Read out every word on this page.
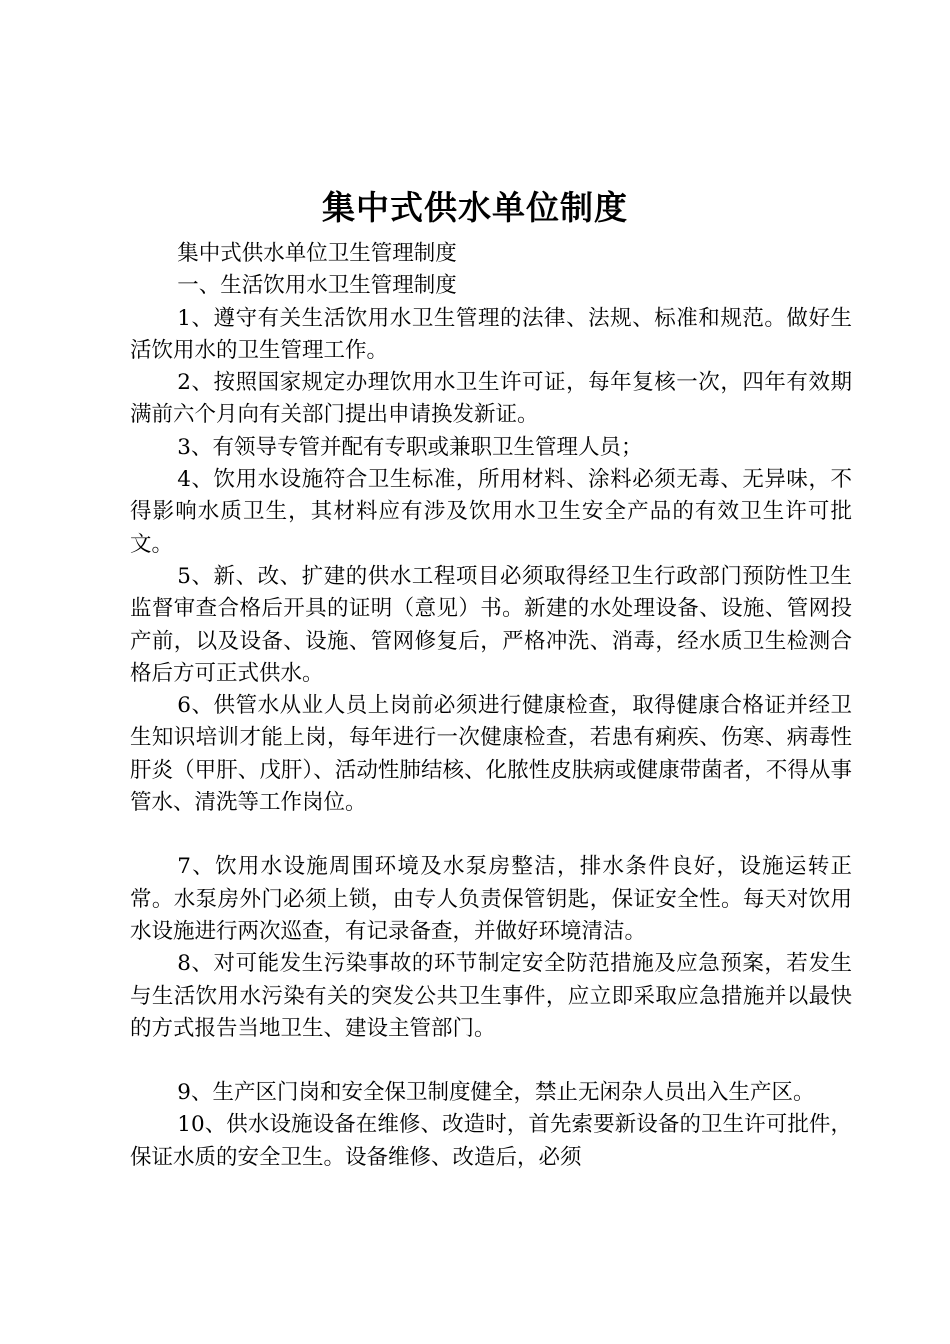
集中式供水单位制度

集中式供水单位卫生管理制度

一、生活饮用水卫生管理制度

1、遵守有关生活饮用水卫生管理的法律、法规、标准和规范。做好生活饮用水的卫生管理工作。

2、按照国家规定办理饮用水卫生许可证，每年复核一次，四年有效期满前六个月向有关部门提出申请换发新证。

3、有领导专管并配有专职或兼职卫生管理人员；

4、饮用水设施符合卫生标准，所用材料、涂料必须无毒、无异味，不得影响水质卫生，其材料应有涉及饮用水卫生安全产品的有效卫生许可批文。

5、新、改、扩建的供水工程项目必须取得经卫生行政部门预防性卫生监督审查合格后开具的证明（意见）书。新建的水处理设备、设施、管网投产前，以及设备、设施、管网修复后，严格冲洗、消毒，经水质卫生检测合格后方可正式供水。

6、供管水从业人员上岗前必须进行健康检查，取得健康合格证并经卫生知识培训才能上岗，每年进行一次健康检查，若患有痢疾、伤寒、病毒性肝炎（甲肝、戊肝）、活动性肺结核、化脓性皮肤病或健康带菌者，不得从事管水、清洗等工作岗位。

7、饮用水设施周围环境及水泵房整洁，排水条件良好，设施运转正常。水泵房外门必须上锁，由专人负责保管钥匙，保证安全性。每天对饮用水设施进行两次巡查，有记录备查，并做好环境清洁。

8、对可能发生污染事故的环节制定安全防范措施及应急预案，若发生与生活饮用水污染有关的突发公共卫生事件，应立即采取应急措施并以最快的方式报告当地卫生、建设主管部门。

9、生产区门岗和安全保卫制度健全，禁止无闲杂人员出入生产区。

10、供水设施设备在维修、改造时，首先索要新设备的卫生许可批件，保证水质的安全卫生。设备维修、改造后，必须
